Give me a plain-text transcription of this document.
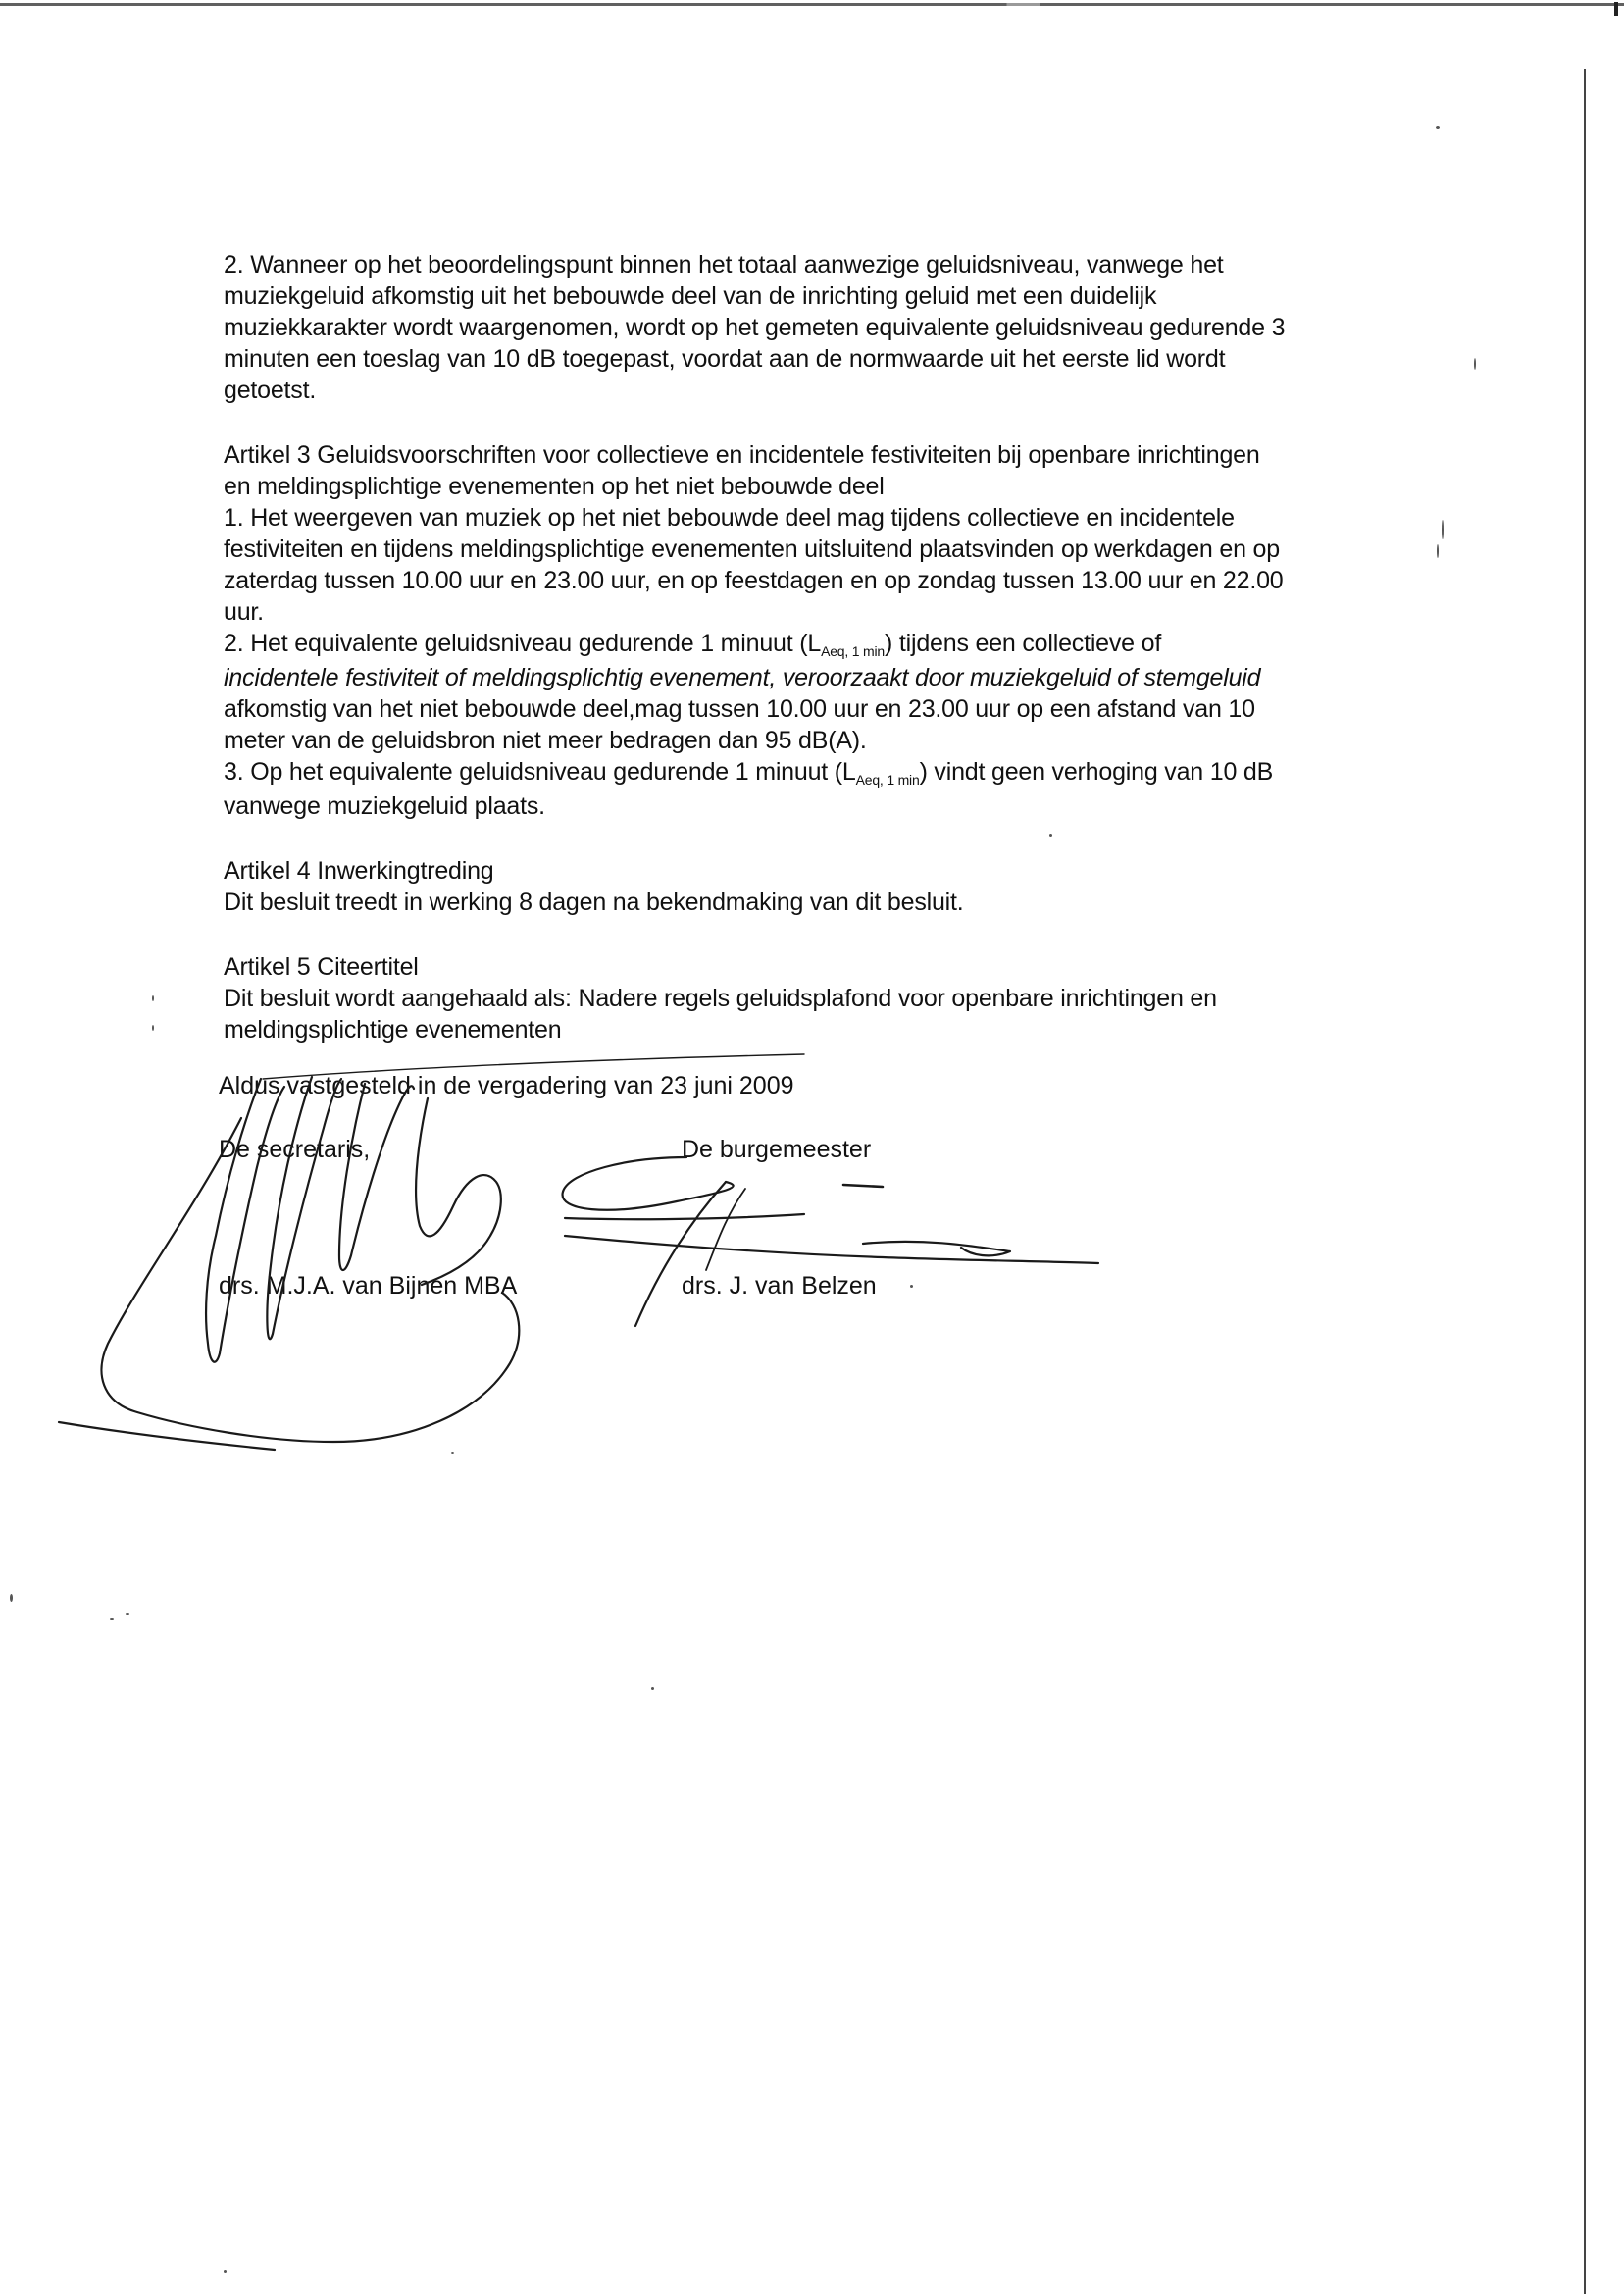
2. Wanneer op het beoordelingspunt binnen het totaal aanwezige geluidsniveau, vanwege het
muziekgeluid afkomstig uit het bebouwde deel van de inrichting geluid met een duidelijk
muziekkarakter wordt waargenomen, wordt op het gemeten equivalente geluidsniveau gedurende 3
minuten een toeslag van 10 dB toegepast, voordat aan de normwaarde uit het eerste lid wordt
getoetst.

Artikel 3 Geluidsvoorschriften voor collectieve en incidentele festiviteiten bij openbare inrichtingen
en meldingsplichtige evenementen op het niet bebouwde deel
1. Het weergeven van muziek op het niet bebouwde deel mag tijdens collectieve en incidentele
festiviteiten en tijdens meldingsplichtige evenementen uitsluitend plaatsvinden op werkdagen en op
zaterdag tussen 10.00 uur en 23.00 uur, en op feestdagen en op zondag tussen 13.00 uur en 22.00
uur.
2. Het equivalente geluidsniveau gedurende 1 minuut $(L_{Aeq, 1 min})$ tijdens een collectieve of
incidentele festiviteit of meldingsplichtig evenement, veroorzaakt door muziekgeluid of stemgeluid
afkomstig van het niet bebouwde deel,mag tussen 10.00 uur en 23.00 uur op een afstand van 10
meter van de geluidsbron niet meer bedragen dan 95 dB(A).
3. Op het equivalente geluidsniveau gedurende 1 minuut $(L_{Aeq, 1 min})$ vindt geen verhoging van 10 dB
vanwege muziekgeluid plaats.

Artikel 4 Inwerkingtreding
Dit besluit treedt in werking 8 dagen na bekendmaking van dit besluit.

Artikel 5 Citeertitel
Dit besluit wordt aangehaald als: Nadere regels geluidsplafond voor openbare inrichtingen en
meldingsplichtige evenementen

Aldus vastgesteld in de vergadering van 23 juni 2009
De secretaris,	De burgemeester
drs. M.J.A. van Bijnen MBA	drs. J. van Belzen
